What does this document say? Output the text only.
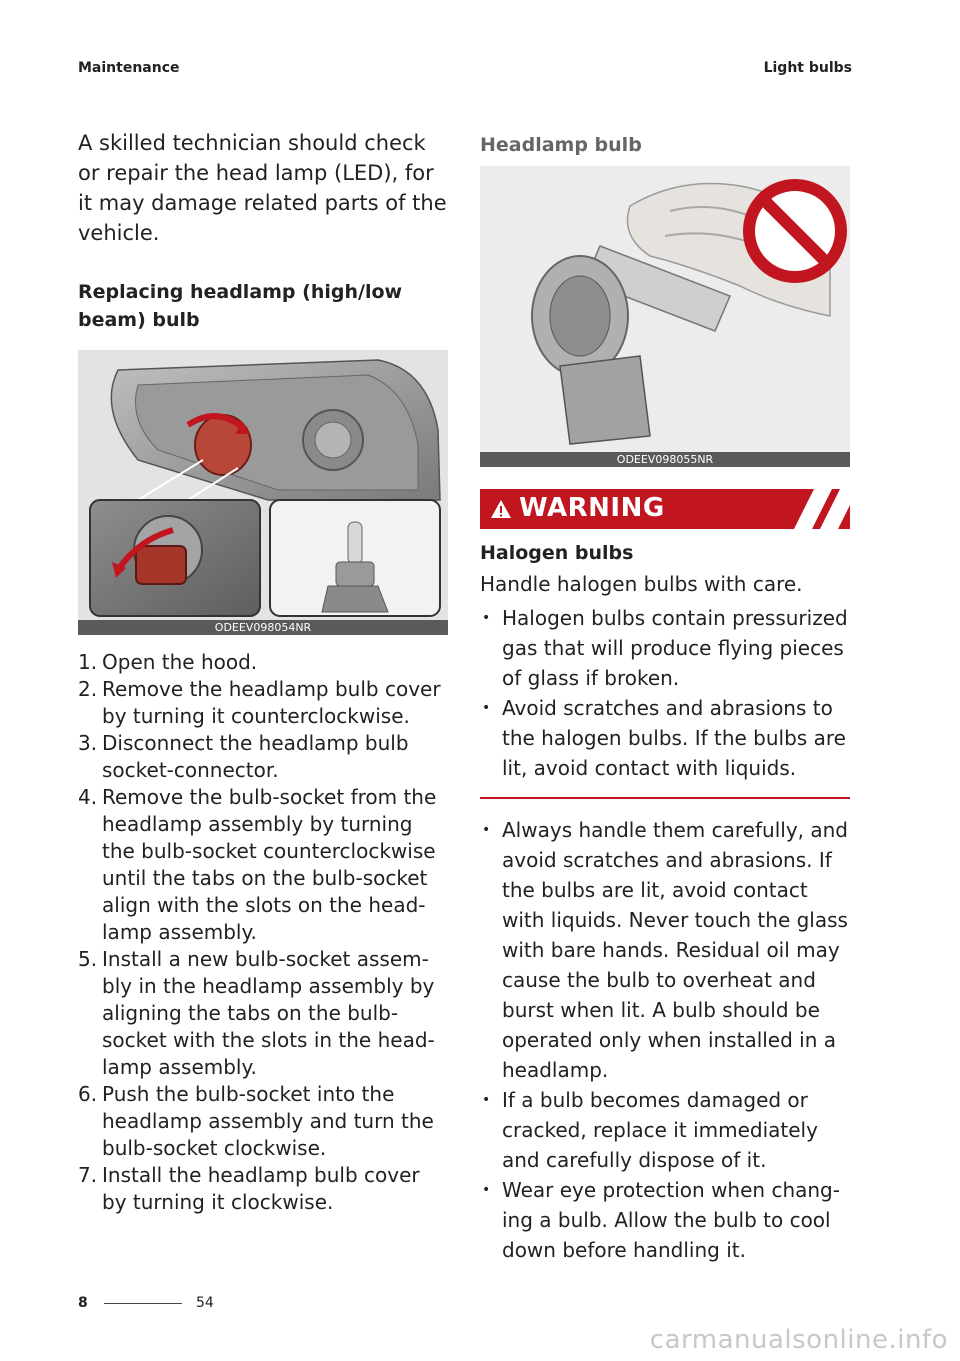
Maintenance	Light bulbs

A skilled technician should check or repair the head lamp (LED), for it may damage related parts of the vehicle.

Replacing headlamp (high/low beam) bulb
ODEEV098054NR
1. Open the hood.
2. Remove the headlamp bulb cover by turning it counterclockwise.
3. Disconnect the headlamp bulb socket-connector.
4. Remove the bulb-socket from the headlamp assembly by turning the bulb-socket counterclockwise until the tabs on the bulb-socket align with the slots on the head-lamp assembly.
5. Install a new bulb-socket assem-bly in the headlamp assembly by aligning the tabs on the bulb-socket with the slots in the head-lamp assembly.
6. Push the bulb-socket into the headlamp assembly and turn the bulb-socket clockwise.
7. Install the headlamp bulb cover by turning it clockwise.
Headlamp bulb
ODEEV098055NR
WARNING
Halogen bulbs
Handle halogen bulbs with care.
• Halogen bulbs contain pressurized gas that will produce flying pieces of glass if broken.
• Avoid scratches and abrasions to the halogen bulbs. If the bulbs are lit, avoid contact with liquids.
• Always handle them carefully, and avoid scratches and abrasions. If the bulbs are lit, avoid contact with liquids. Never touch the glass with bare hands. Residual oil may cause the bulb to overheat and burst when lit. A bulb should be operated only when installed in a headlamp.
• If a bulb becomes damaged or cracked, replace it immediately and carefully dispose of it.
• Wear eye protection when chang-ing a bulb. Allow the bulb to cool down before handling it.
8	54
carmanualsonline.info
